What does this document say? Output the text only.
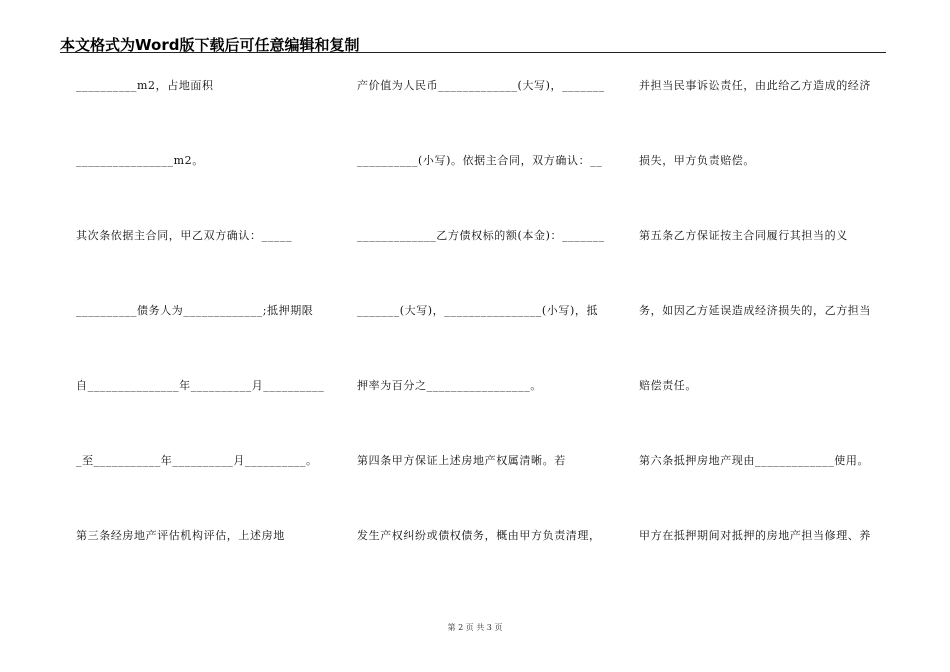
本文格式为Word版下载后可任意编辑和复制
__________m2，占地面积
________________m2。
其次条依据主合同，甲乙双方确认：_____
__________债务人为_____________;抵押期限
自_______________年__________月__________
_至___________年__________月__________。
第三条经房地产评估机构评估，上述房地
产价值为人民币_____________(大写)，_______
__________(小写)。依据主合同，双方确认：__
_____________乙方债权标的额(本金)：_______
_______(大写)，________________(小写)，抵
押率为百分之_________________。
第四条甲方保证上述房地产权属清晰。若
发生产权纠纷或债权债务，概由甲方负责清理，
并担当民事诉讼责任，由此给乙方造成的经济
损失，甲方负责赔偿。
第五条乙方保证按主合同履行其担当的义
务，如因乙方延误造成经济损失的，乙方担当
赔偿责任。
第六条抵押房地产现由_____________使用。
甲方在抵押期间对抵押的房地产担当修理、养
第 2 页 共 3 页
